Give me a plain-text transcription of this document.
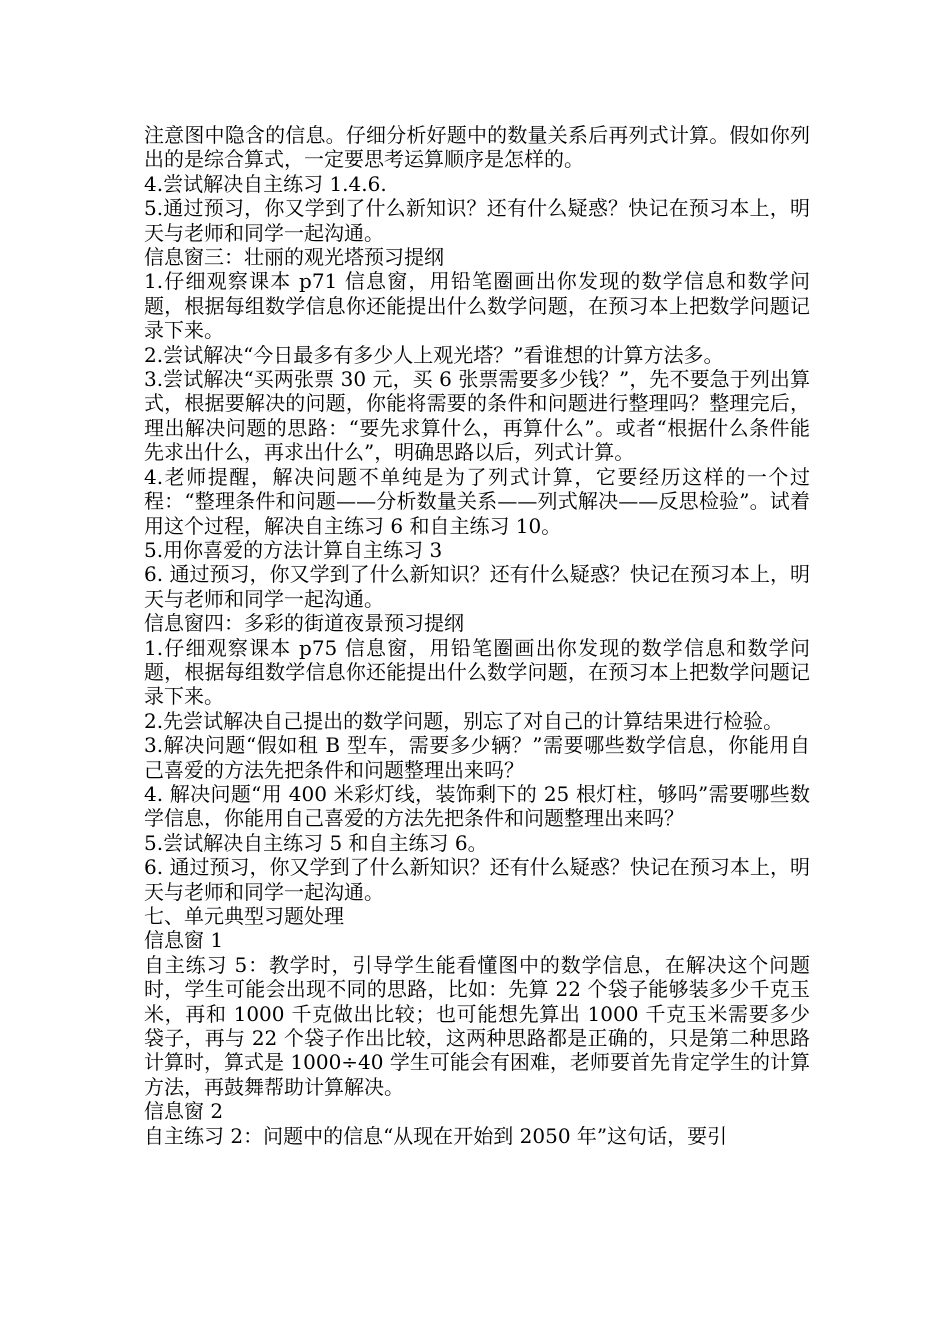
注意图中隐含的信息。仔细分析好题中的数量关系后再列式计算。假如你列出的是综合算式，一定要思考运算顺序是怎样的。

4.尝试解决自主练习 1.4.6.

5.通过预习，你又学到了什么新知识？还有什么疑惑？快记在预习本上，明天与老师和同学一起沟通。

信息窗三：壮丽的观光塔预习提纲

1.仔细观察课本 p71 信息窗，用铅笔圈画出你发现的数学信息和数学问题，根据每组数学信息你还能提出什么数学问题，在预习本上把数学问题记录下来。

2.尝试解决“今日最多有多少人上观光塔？”看谁想的计算方法多。

3.尝试解决“买两张票 30 元，买 6 张票需要多少钱？”，先不要急于列出算式，根据要解决的问题，你能将需要的条件和问题进行整理吗？整理完后，理出解决问题的思路：“要先求算什么，再算什么”。或者“根据什么条件能先求出什么，再求出什么”，明确思路以后，列式计算。

4.老师提醒，解决问题不单纯是为了列式计算，它要经历这样的一个过程：“整理条件和问题——分析数量关系——列式解决——反思检验”。试着用这个过程，解决自主练习 6 和自主练习 10。

5.用你喜爱的方法计算自主练习 3

6. 通过预习，你又学到了什么新知识？还有什么疑惑？快记在预习本上，明天与老师和同学一起沟通。

信息窗四：多彩的街道夜景预习提纲

1.仔细观察课本 p75 信息窗，用铅笔圈画出你发现的数学信息和数学问题，根据每组数学信息你还能提出什么数学问题，在预习本上把数学问题记录下来。

2.先尝试解决自己提出的数学问题，别忘了对自己的计算结果进行检验。

3.解决问题“假如租 B 型车，需要多少辆？”需要哪些数学信息，你能用自己喜爱的方法先把条件和问题整理出来吗？

4. 解决问题“用 400 米彩灯线，装饰剩下的 25 根灯柱，够吗”需要哪些数学信息，你能用自己喜爱的方法先把条件和问题整理出来吗？

5.尝试解决自主练习 5 和自主练习 6。

6. 通过预习，你又学到了什么新知识？还有什么疑惑？快记在预习本上，明天与老师和同学一起沟通。

七、单元典型习题处理

信息窗 1

自主练习 5：教学时，引导学生能看懂图中的数学信息，在解决这个问题时，学生可能会出现不同的思路，比如：先算 22 个袋子能够装多少千克玉米，再和 1000 千克做出比较；也可能想先算出 1000 千克玉米需要多少袋子，再与 22 个袋子作出比较，这两种思路都是正确的，只是第二种思路计算时，算式是 1000÷40 学生可能会有困难，老师要首先肯定学生的计算方法，再鼓舞帮助计算解决。

信息窗 2

自主练习 2：问题中的信息“从现在开始到 2050 年”这句话，要引
